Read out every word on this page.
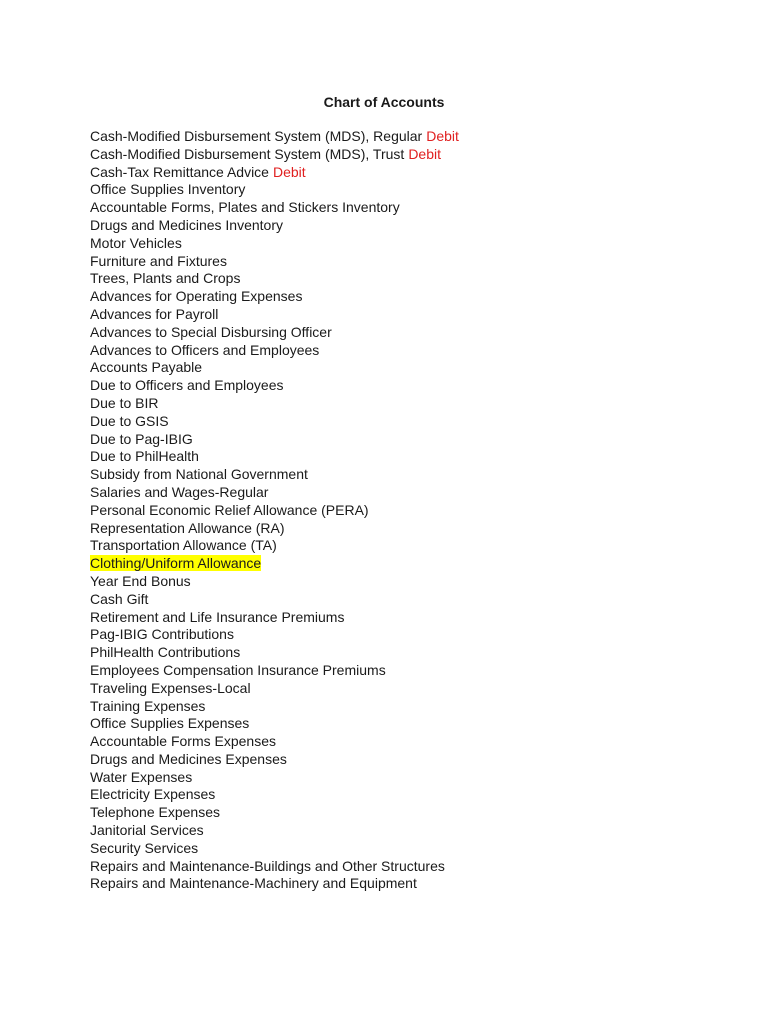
Chart of Accounts
Cash-Modified Disbursement System (MDS), Regular Debit
Cash-Modified Disbursement System (MDS), Trust Debit
Cash-Tax Remittance Advice Debit
Office Supplies Inventory
Accountable Forms, Plates and Stickers Inventory
Drugs and Medicines Inventory
Motor Vehicles
Furniture and Fixtures
Trees, Plants and Crops
Advances for Operating Expenses
Advances for Payroll
Advances to Special Disbursing Officer
Advances to Officers and Employees
Accounts Payable
Due to Officers and Employees
Due to BIR
Due to GSIS
Due to Pag-IBIG
Due to PhilHealth
Subsidy from National Government
Salaries and Wages-Regular
Personal Economic Relief Allowance (PERA)
Representation Allowance (RA)
Transportation Allowance (TA)
Clothing/Uniform Allowance
Year End Bonus
Cash Gift
Retirement and Life Insurance Premiums
Pag-IBIG Contributions
PhilHealth Contributions
Employees Compensation Insurance Premiums
Traveling Expenses-Local
Training Expenses
Office Supplies Expenses
Accountable Forms Expenses
Drugs and Medicines Expenses
Water Expenses
Electricity Expenses
Telephone Expenses
Janitorial Services
Security Services
Repairs and Maintenance-Buildings and Other Structures
Repairs and Maintenance-Machinery and Equipment
